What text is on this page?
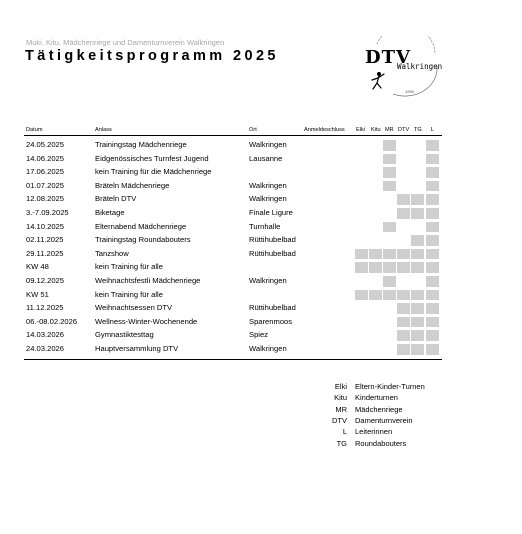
Muki, Kitu, Mädchenriege und Damenturnverein Walkringen
Tätigkeitsprogramm 2025	DTV
Walkringen
1990
Datum	Anlass	Ort	Anmeldeschluss Elki Kitu MR DTV TG L
24.05.2025	Trainingstag Mädchenriege	Walkringen
14.06.2025	Eidgenössisches Turnfest Jugend	Lausanne
17.06.2025	kein Training für die Mädchenriege
01.07.2025	Bräteln Mädchenriege	Walkringen
12.08.2025	Bräteln DTV	Walkringen
3.-7.09.2025	Biketage	Finale Ligure
14.10.2025	Elternabend Mädchenriege	Turnhalle
02.11.2025	Trainingstag Roundabouters	Rüttihubelbad
29.11.2025	Tanzshow	Rüttihubelbad
KW 48	kein Training für alle
09.12.2025	Weihnachtsfestli Mädchenriege	Walkringen
KW 51	kein Training für alle
11.12.2025	Weihnachtsessen DTV	Rüttihubelbad
06.-08.02.2026 Wellness-Winter-Wochenende	Sparenmoos
14.03.2026	Gymnastiktesttag	Spiez
24.03.2026	Hauptversammlung DTV	Walkringen
Elki Eltern-Kinder-Turnen
Kitu Kinderturnen
MR Mädchenriege
DTV Damenturnverein
L Leiterinnen
TG Roundabouters
